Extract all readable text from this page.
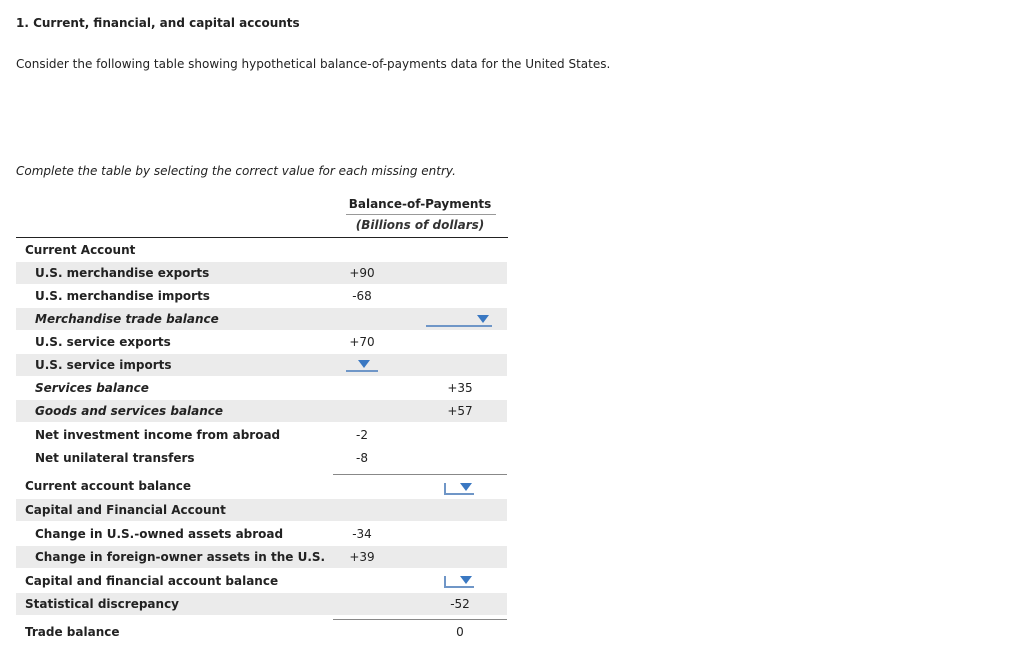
1. Current, financial, and capital accounts
Consider the following table showing hypothetical balance-of-payments data for the United States.
Complete the table by selecting the correct value for each missing entry.
Balance-of-Payments
(Billions of dollars)
Current Account
U.S. merchandise exports	+90
U.S. merchandise imports	-68
Merchandise trade balance
U.S. service exports	+70
U.S. service imports
Services balance	+35
Goods and services balance	+57
Net investment income from abroad	-2
Net unilateral transfers	-8
Current account balance
Capital and Financial Account
Change in U.S.-owned assets abroad	-34
Change in foreign-owner assets in the U.S.	+39
Capital and financial account balance
Statistical discrepancy	-52
Trade balance	0
